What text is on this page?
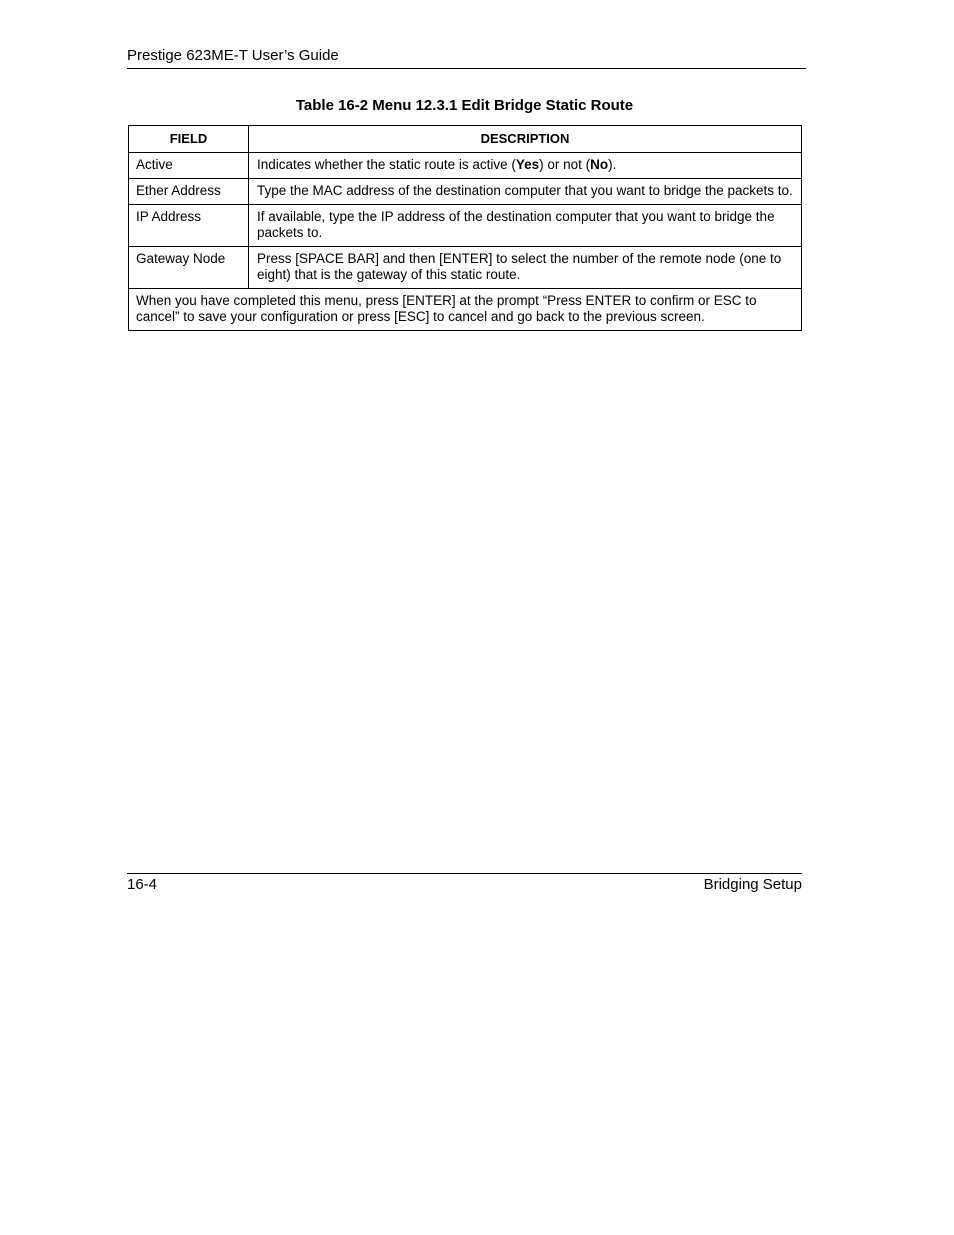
Prestige 623ME-T User’s Guide
Table 16-2 Menu 12.3.1 Edit Bridge Static Route
FIELD	DESCRIPTION
Active	Indicates whether the static route is active (Yes) or not (No).
Ether Address	Type the MAC address of the destination computer that you want to bridge the packets to.
IP Address	If available, type the IP address of the destination computer that you want to bridge the packets to.
Gateway Node	Press [SPACE BAR] and then [ENTER] to select the number of the remote node (one to eight) that is the gateway of this static route.
When you have completed this menu, press [ENTER] at the prompt “Press ENTER to confirm or ESC to cancel” to save your configuration or press [ESC] to cancel and go back to the previous screen.	
16-4	Bridging Setup
